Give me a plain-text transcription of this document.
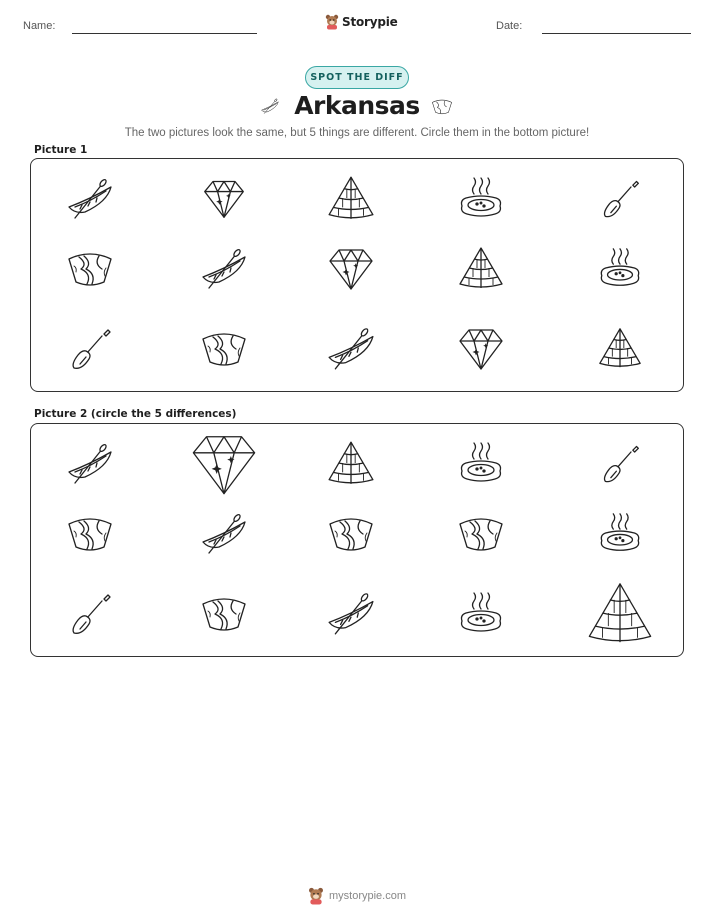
Name:	Storypie	Date:
SPOT THE DIFF
Arkansas
The two pictures look the same, but 5 things are different. Circle them in the bottom picture!
Picture 1
Picture 2 (circle the 5 differences)
mystorypie.com
